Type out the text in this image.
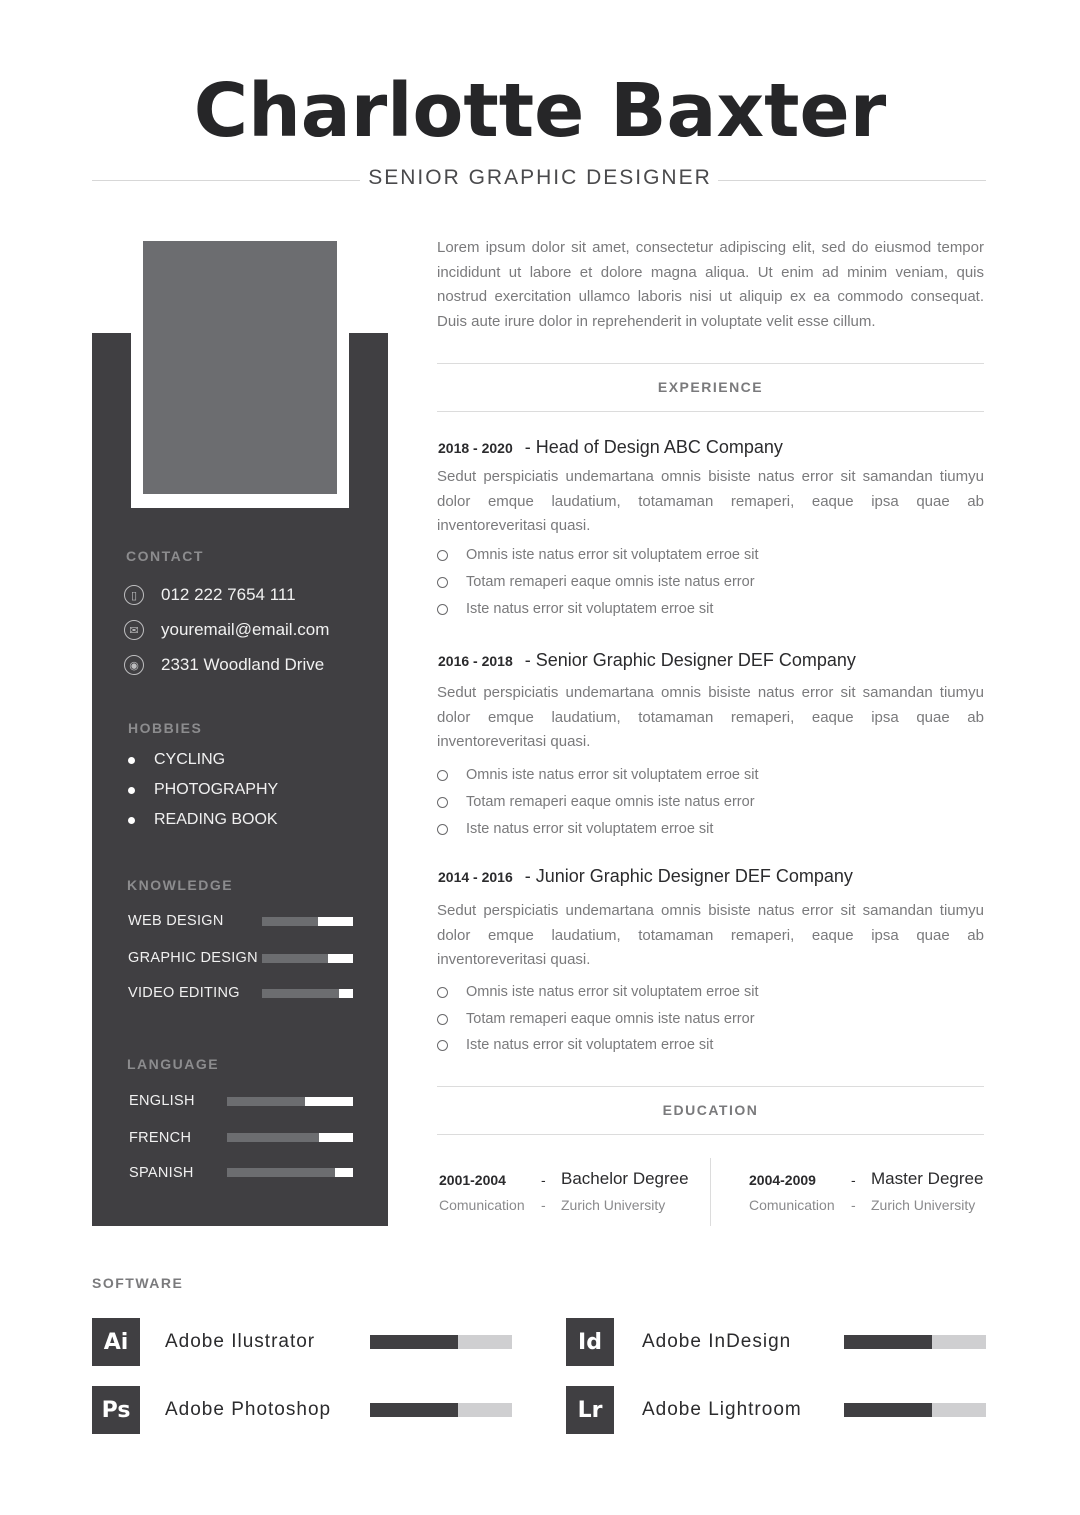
Charlotte Baxter
SENIOR GRAPHIC DESIGNER
CONTACT
▯	012 222 7654 111
✉	youremail@email.com
◉	2331 Woodland Drive
HOBBIES
CYCLING
PHOTOGRAPHY
READING BOOK
KNOWLEDGE
WEB DESIGN
GRAPHIC DESIGN
VIDEO EDITING
LANGUAGE
ENGLISH
FRENCH
SPANISH
Lorem ipsum dolor sit amet, consectetur adipiscing elit, sed do eiusmod tempor incididunt ut labore et dolore magna aliqua. Ut enim ad minim veniam, quis nostrud exercitation ullamco laboris nisi ut aliquip ex ea commodo consequat. Duis aute irure dolor in reprehenderit in voluptate velit esse cillum.
EXPERIENCE
2018 - 2020 - Head of Design ABC Company
Sedut perspiciatis undemartana omnis bisiste natus error sit samandan tiumyu dolor emque laudatium, totamaman remaperi, eaque ipsa quae ab inventoreveritasi quasi.
Omnis iste natus error sit voluptatem erroe sit
Totam remaperi eaque omnis iste natus error
Iste natus error sit voluptatem erroe sit
2016 - 2018 - Senior Graphic Designer DEF Company
Sedut perspiciatis undemartana omnis bisiste natus error sit samandan tiumyu dolor emque laudatium, totamaman remaperi, eaque ipsa quae ab inventoreveritasi quasi.
Omnis iste natus error sit voluptatem erroe sit
Totam remaperi eaque omnis iste natus error
Iste natus error sit voluptatem erroe sit
2014 - 2016 - Junior Graphic Designer DEF Company
Sedut perspiciatis undemartana omnis bisiste natus error sit samandan tiumyu dolor emque laudatium, totamaman remaperi, eaque ipsa quae ab inventoreveritasi quasi.
Omnis iste natus error sit voluptatem erroe sit
Totam remaperi eaque omnis iste natus error
Iste natus error sit voluptatem erroe sit
EDUCATION
2001-2004	- Bachelor Degree
Comunication - Zurich University
2004-2009	- Master Degree
Comunication - Zurich University
SOFTWARE
Ai	Adobe Ilustrator	Id	Adobe InDesign
Ps	Adobe Photoshop	Lr	Adobe Lightroom
